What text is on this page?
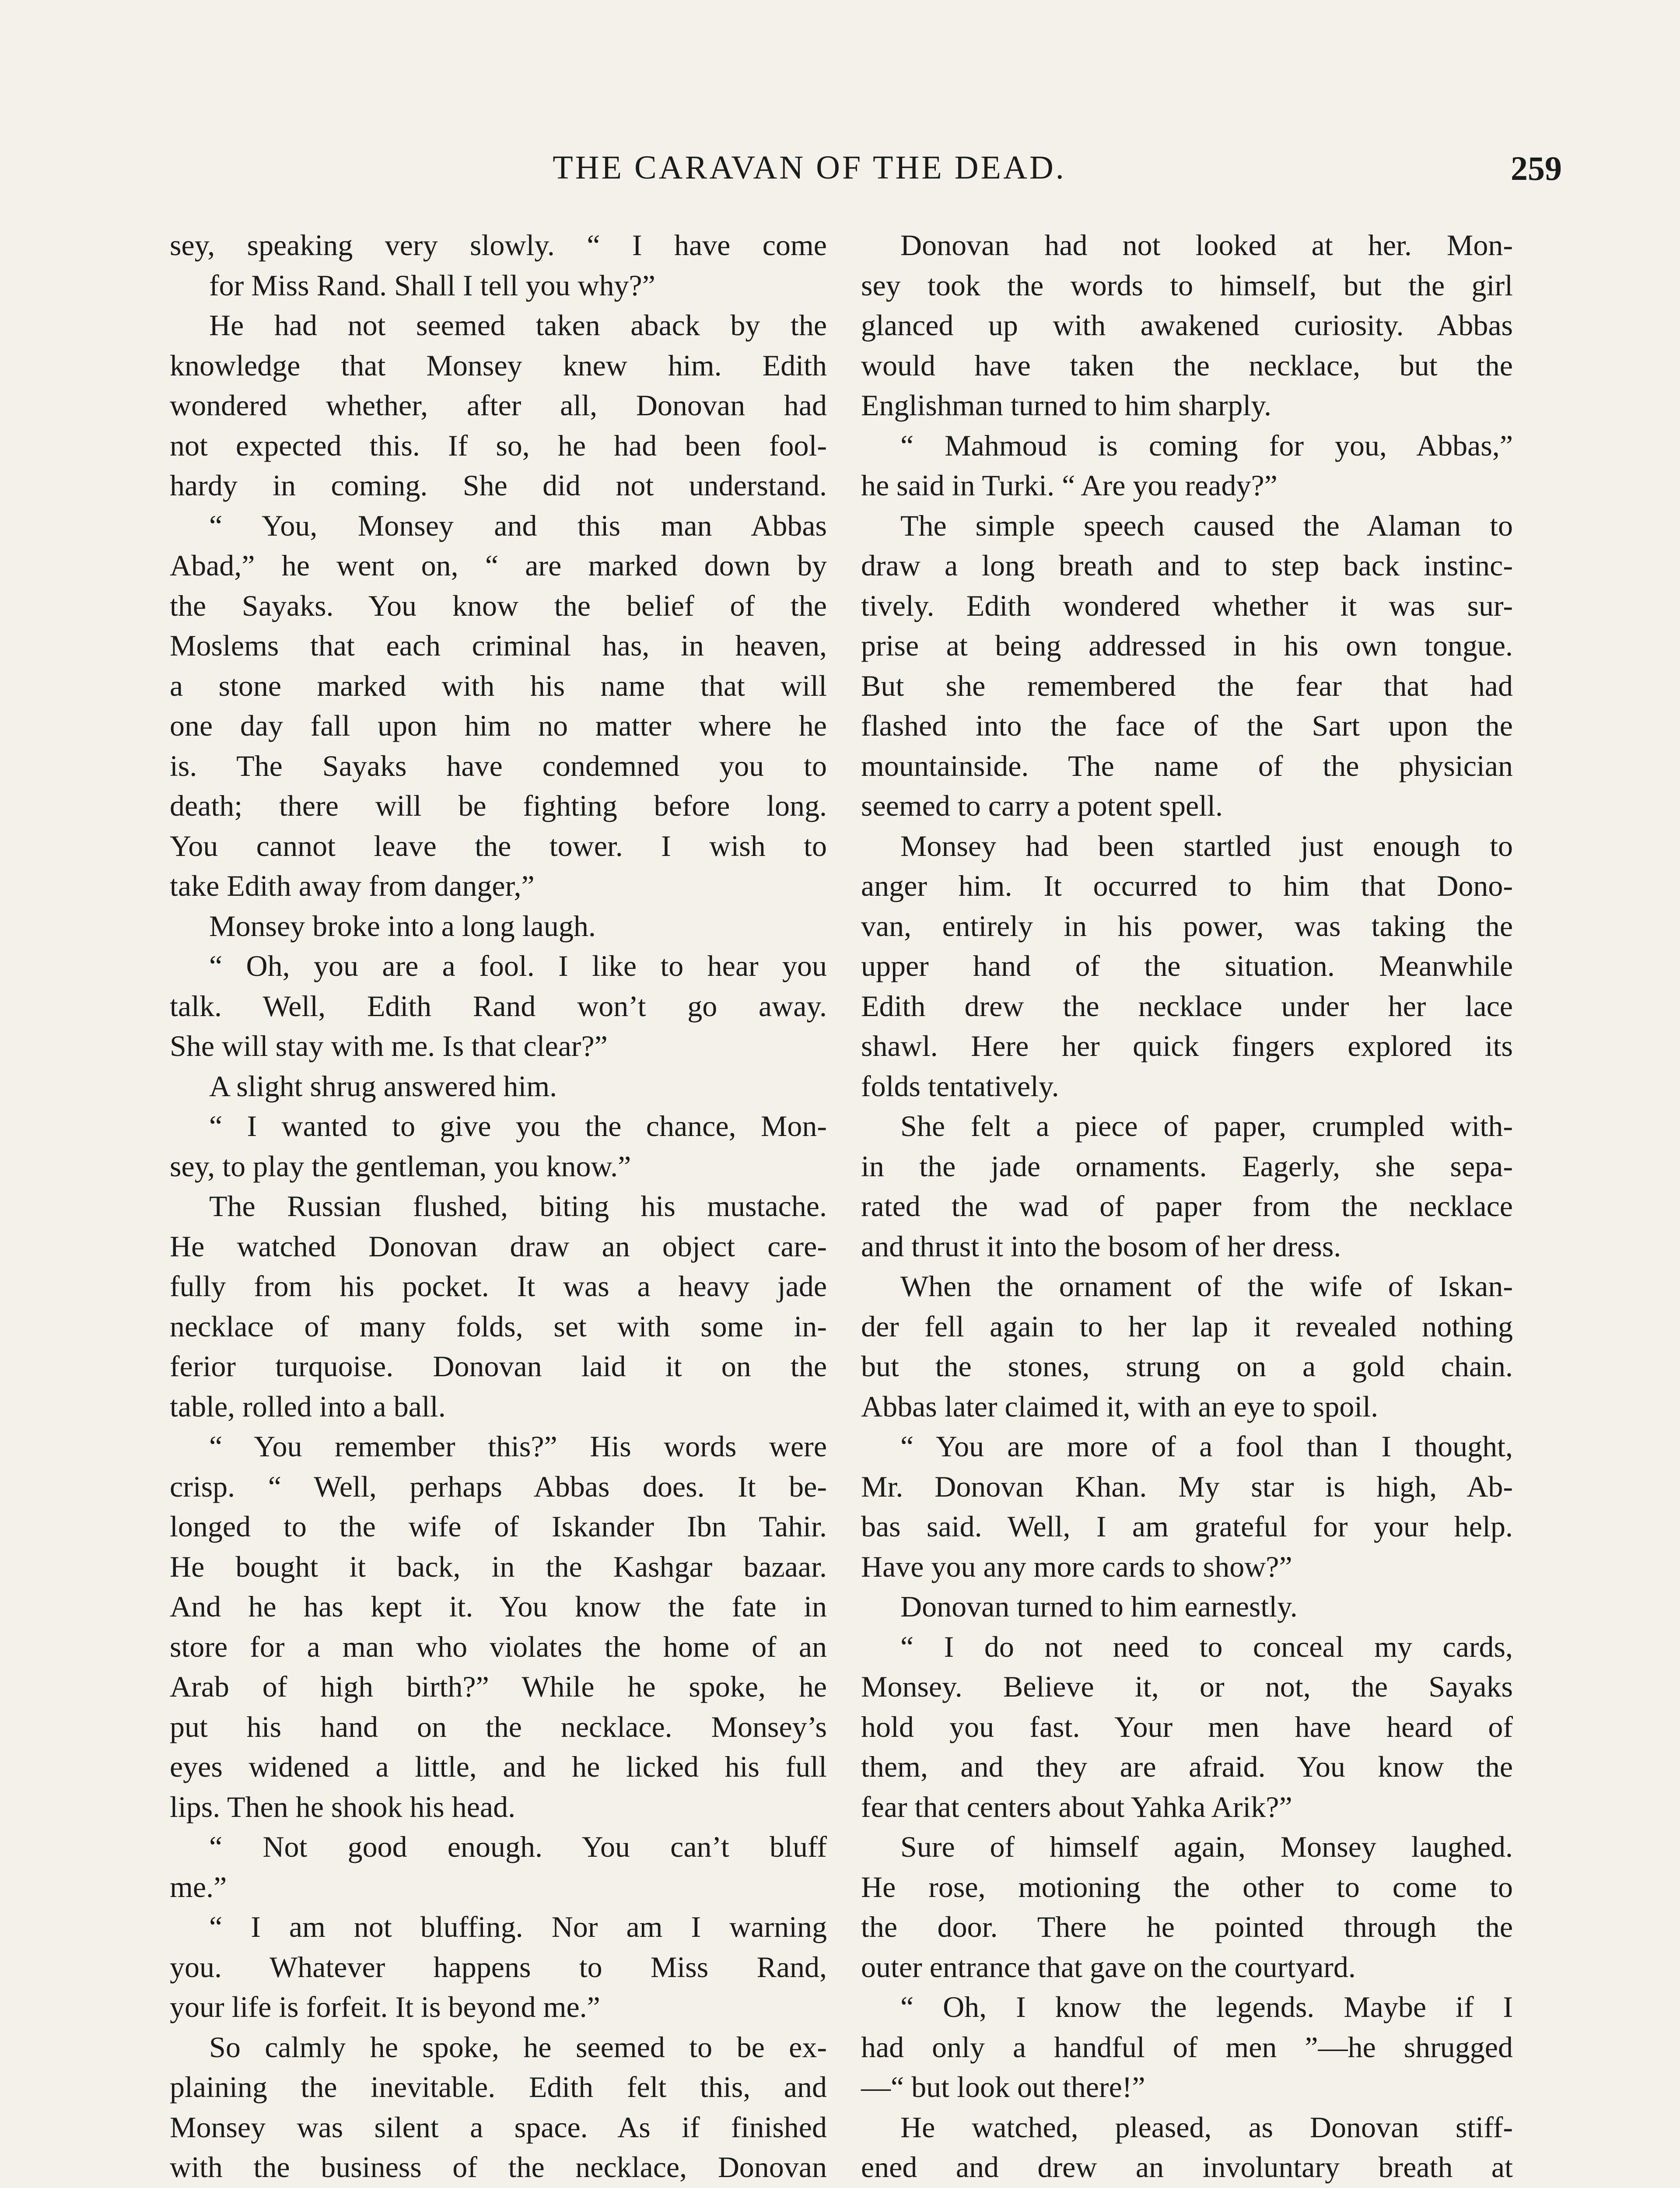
THE CARAVAN OF THE DEAD.	259
sey, speaking very slowly. “ I have come
for Miss Rand. Shall I tell you why?”
He had not seemed taken aback by the
knowledge that Monsey knew him. Edith
wondered whether, after all, Donovan had
not expected this. If so, he had been fool-
hardy in coming. She did not understand.
“ You, Monsey and this man Abbas
Abad,” he went on, “ are marked down by
the Sayaks. You know the belief of the
Moslems that each criminal has, in heaven,
a stone marked with his name that will
one day fall upon him no matter where he
is. The Sayaks have condemned you to
death; there will be fighting before long.
You cannot leave the tower. I wish to
take Edith away from danger,”
Monsey broke into a long laugh.
“ Oh, you are a fool. I like to hear you
talk. Well, Edith Rand won’t go away.
She will stay with me. Is that clear?”
A slight shrug answered him.
“ I wanted to give you the chance, Mon-
sey, to play the gentleman, you know.”
The Russian flushed, biting his mustache.
He watched Donovan draw an object care-
fully from his pocket. It was a heavy jade
necklace of many folds, set with some in-
ferior turquoise. Donovan laid it on the
table, rolled into a ball.
“ You remember this?” His words were
crisp. “ Well, perhaps Abbas does. It be-
longed to the wife of Iskander Ibn Tahir.
He bought it back, in the Kashgar bazaar.
And he has kept it. You know the fate in
store for a man who violates the home of an
Arab of high birth?” While he spoke, he
put his hand on the necklace. Monsey’s
eyes widened a little, and he licked his full
lips. Then he shook his head.
“ Not good enough. You can’t bluff
me.”
“ I am not bluffing. Nor am I warning
you. Whatever happens to Miss Rand,
your life is forfeit. It is beyond me.”
So calmly he spoke, he seemed to be ex-
plaining the inevitable. Edith felt this, and
Monsey was silent a space. As if finished
with the business of the necklace, Donovan
Donovan had not looked at her. Mon-
sey took the words to himself, but the girl
glanced up with awakened curiosity. Abbas
would have taken the necklace, but the
Englishman turned to him sharply.
“ Mahmoud is coming for you, Abbas,”
he said in Turki. “ Are you ready?”
The simple speech caused the Alaman to
draw a long breath and to step back instinc-
tively. Edith wondered whether it was sur-
prise at being addressed in his own tongue.
But she remembered the fear that had
flashed into the face of the Sart upon the
mountainside. The name of the physician
seemed to carry a potent spell.
Monsey had been startled just enough to
anger him. It occurred to him that Dono-
van, entirely in his power, was taking the
upper hand of the situation. Meanwhile
Edith drew the necklace under her lace
shawl. Here her quick fingers explored its
folds tentatively.
She felt a piece of paper, crumpled with-
in the jade ornaments. Eagerly, she sepa-
rated the wad of paper from the necklace
and thrust it into the bosom of her dress.
When the ornament of the wife of Iskan-
der fell again to her lap it revealed nothing
but the stones, strung on a gold chain.
Abbas later claimed it, with an eye to spoil.
“ You are more of a fool than I thought,
Mr. Donovan Khan. My star is high, Ab-
bas said. Well, I am grateful for your help.
Have you any more cards to show?”
Donovan turned to him earnestly.
“ I do not need to conceal my cards,
Monsey. Believe it, or not, the Sayaks
hold you fast. Your men have heard of
them, and they are afraid. You know the
fear that centers about Yahka Arik?”
Sure of himself again, Monsey laughed.
He rose, motioning the other to come to
the door. There he pointed through the
outer entrance that gave on the courtyard.
“ Oh, I know the legends. Maybe if I
had only a handful of men ”—he shrugged
—“ but look out there!”
He watched, pleased, as Donovan stiff-
ened and drew an involuntary breath at
